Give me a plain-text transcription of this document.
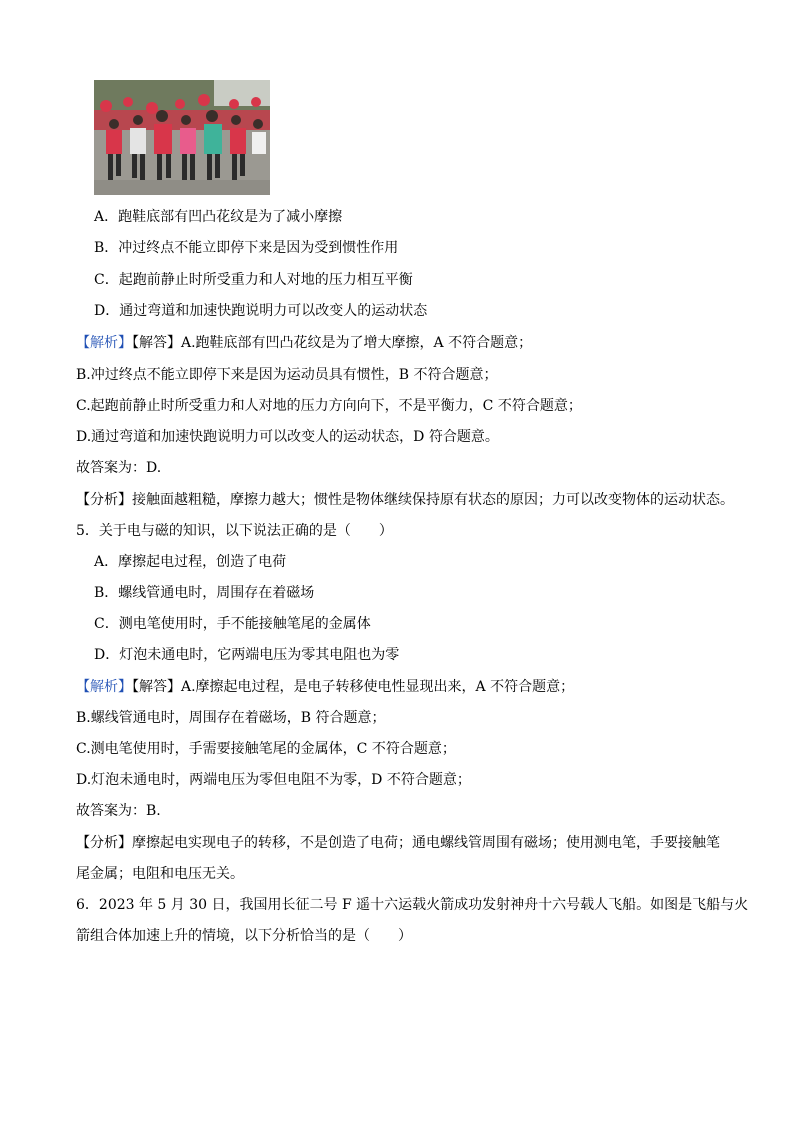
A．跑鞋底部有凹凸花纹是为了减小摩擦
B．冲过终点不能立即停下来是因为受到惯性作用
C．起跑前静止时所受重力和人对地的压力相互平衡
D．通过弯道和加速快跑说明力可以改变人的运动状态
【解析】【解答】A.跑鞋底部有凹凸花纹是为了增大摩擦，A 不符合题意；
B.冲过终点不能立即停下来是因为运动员具有惯性，B 不符合题意；
C.起跑前静止时所受重力和人对地的压力方向向下，不是平衡力，C 不符合题意；
D.通过弯道和加速快跑说明力可以改变人的运动状态，D 符合题意。
故答案为：D.
【分析】接触面越粗糙，摩擦力越大；惯性是物体继续保持原有状态的原因；力可以改变物体的运动状态。
5．关于电与磁的知识，以下说法正确的是（　　）
A．摩擦起电过程，创造了电荷
B．螺线管通电时，周围存在着磁场
C．测电笔使用时，手不能接触笔尾的金属体
D．灯泡未通电时，它两端电压为零其电阻也为零
【解析】【解答】A.摩擦起电过程，是电子转移使电性显现出来，A 不符合题意；
B.螺线管通电时，周围存在着磁场，B 符合题意；
C.测电笔使用时，手需要接触笔尾的金属体，C 不符合题意；
D.灯泡未通电时，两端电压为零但电阻不为零，D 不符合题意；
故答案为：B.
【分析】摩擦起电实现电子的转移，不是创造了电荷；通电螺线管周围有磁场；使用测电笔，手要接触笔
尾金属；电阻和电压无关。
6．2023 年 5 月 30 日，我国用长征二号 F 遥十六运载火箭成功发射神舟十六号载人飞船。如图是飞船与火
箭组合体加速上升的情境，以下分析恰当的是（　　）
